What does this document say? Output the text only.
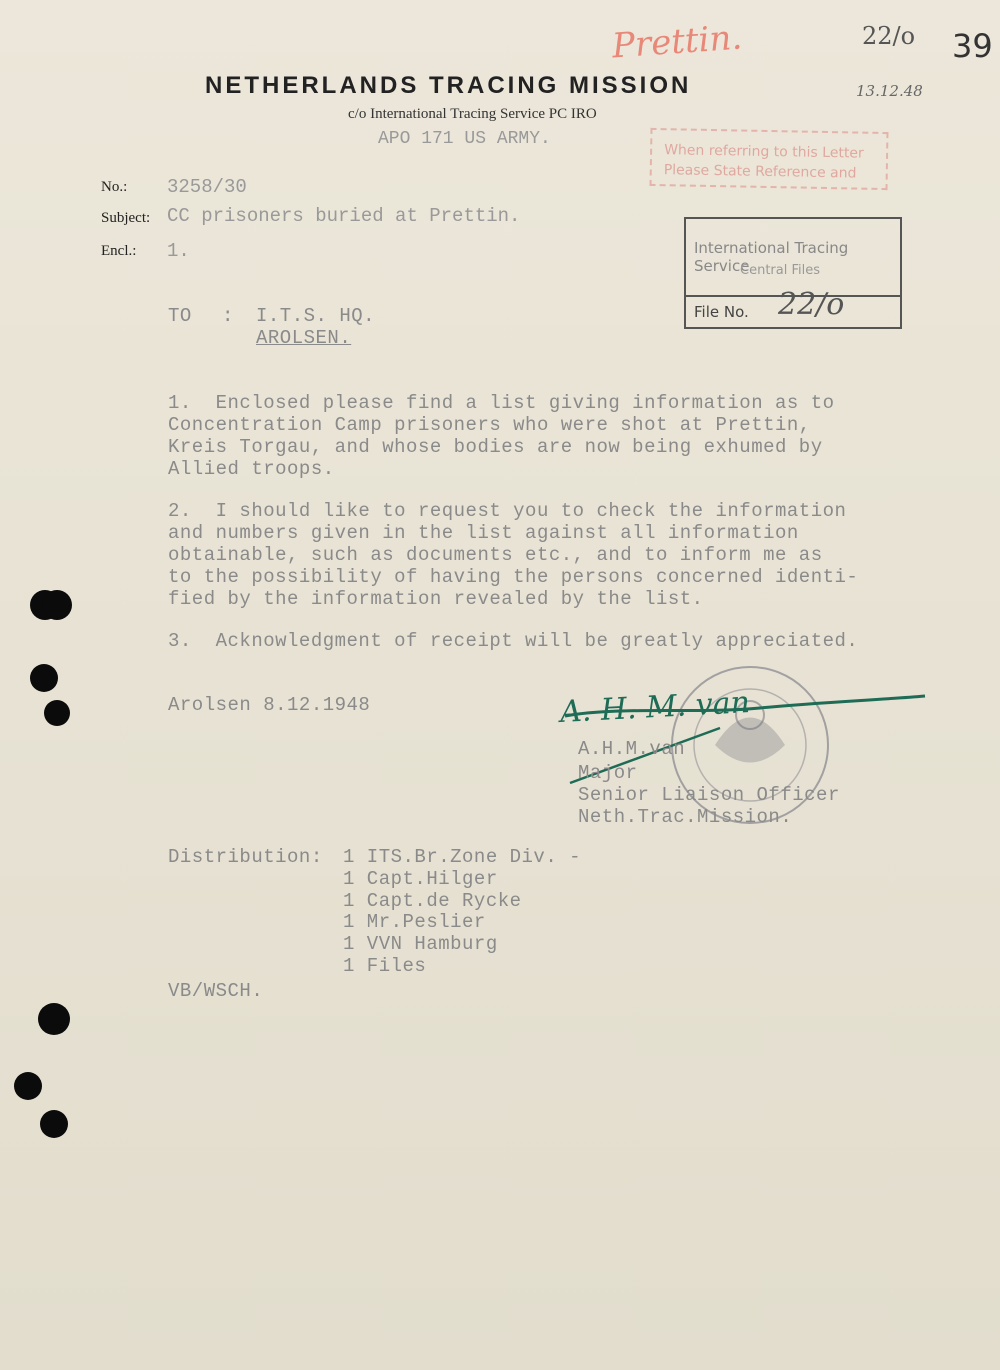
Prettin.	22/o 39
13.12.48
NETHERLANDS TRACING MISSION
c/o International Tracing Service PC IRO
APO 171 US ARMY.
When referring to this Letter
Please State Reference and
International Tracing Service
Central Files
File No. 22/o
No.: 3258/30
Subject: CC prisoners buried at Prettin.
Encl.: 1.
TO : I.T.S. HQ.
AROLSEN.
1.  Enclosed please find a list giving information as to
Concentration Camp prisoners who were shot at Prettin,
Kreis Torgau, and whose bodies are now being exhumed by
Allied troops.
2.  I should like to request you to check the information
and numbers given in the list against all information
obtainable, such as documents etc., and to inform me as
to the possibility of having the persons concerned identi-
fied by the information revealed by the list.
3.  Acknowledgment of receipt will be greatly appreciated.
Arolsen 8.12.1948	A. H. M. van
A.H.M.van
Major
Senior Liaison Officer
Neth.Trac.Mission.
Distribution: 1 ITS.Br.Zone Div. -
1 Capt.Hilger
1 Capt.de Rycke
1 Mr.Peslier
1 VVN Hamburg
1 Files
VB/WSCH.
